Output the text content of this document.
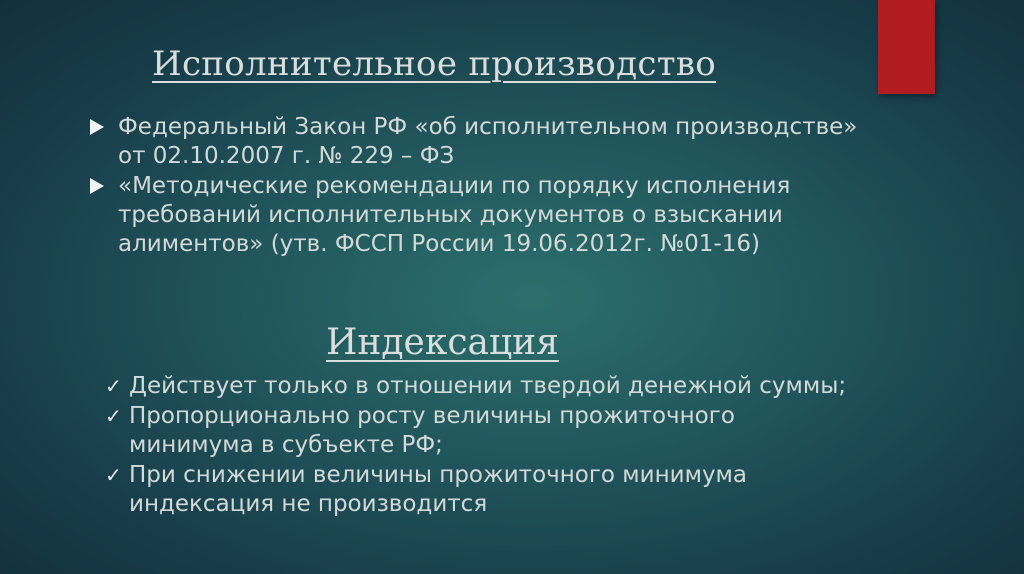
Исполнительное производство
Федеральный Закон РФ «об исполнительном производстве» от 02.10.2007 г. № 229 – ФЗ
«Методические рекомендации по порядку исполнения требований исполнительных документов о взыскании алиментов» (утв. ФССП России 19.06.2012г. №01-16)
Индексация
✓ Действует только в отношении твердой денежной суммы;
✓ Пропорционально росту величины прожиточного минимума в субъекте РФ;
✓ При снижении величины прожиточного минимума индексация не производится
